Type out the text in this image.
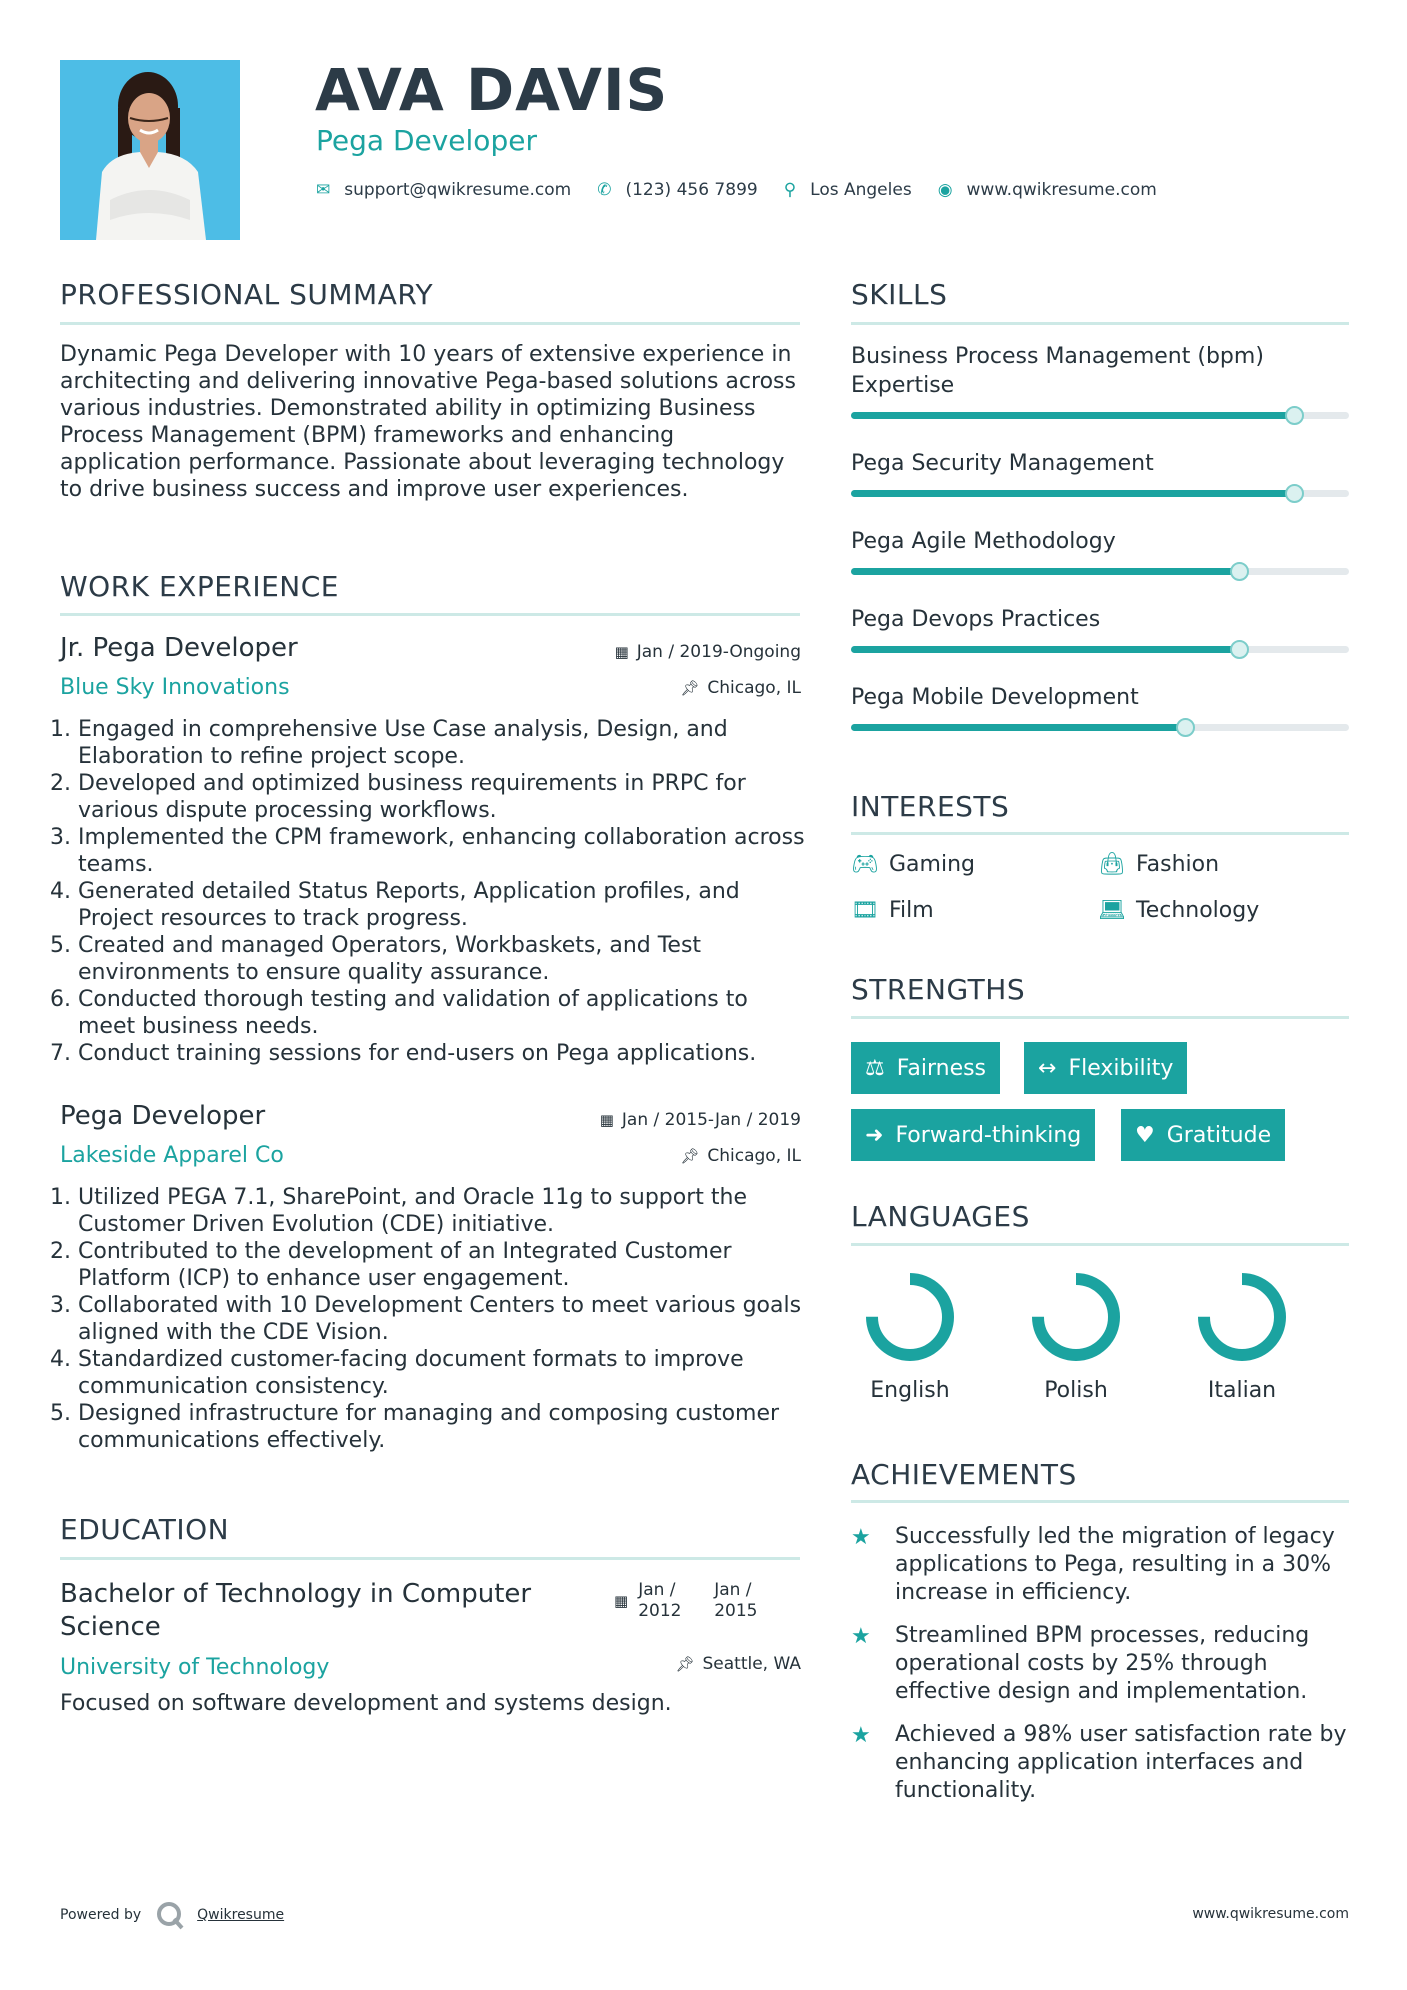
AVA DAVIS
Pega Developer
✉ support@qwikresume.com ✆ (123) 456 7899 ⚲ Los Angeles ◉ www.qwikresume.com
PROFESSIONAL SUMMARY
Dynamic Pega Developer with 10 years of extensive experience in architecting and delivering innovative Pega-based solutions across various industries. Demonstrated ability in optimizing Business Process Management (BPM) frameworks and enhancing application performance. Passionate about leveraging technology to drive business success and improve user experiences.
WORK EXPERIENCE
Jr. Pega Developer	▦ Jan / 2019-Ongoing
Blue Sky Innovations	📌︎ Chicago, IL
1. Engaged in comprehensive Use Case analysis, Design, and Elaboration to refine project scope.
2. Developed and optimized business requirements in PRPC for various dispute processing workflows.
3. Implemented the CPM framework, enhancing collaboration across teams.
4. Generated detailed Status Reports, Application profiles, and Project resources to track progress.
5. Created and managed Operators, Workbaskets, and Test environments to ensure quality assurance.
6. Conducted thorough testing and validation of applications to meet business needs.
7. Conduct training sessions for end-users on Pega applications.
Pega Developer	▦ Jan / 2015-Jan / 2019
Lakeside Apparel Co	📌︎ Chicago, IL
1. Utilized PEGA 7.1, SharePoint, and Oracle 11g to support the Customer Driven Evolution (CDE) initiative.
2. Contributed to the development of an Integrated Customer Platform (ICP) to enhance user engagement.
3. Collaborated with 10 Development Centers to meet various goals aligned with the CDE Vision.
4. Standardized customer-facing document formats to improve communication consistency.
5. Designed infrastructure for managing and composing customer communications effectively.
EDUCATION
Bachelor of Technology in Computer Science
▦
Jan / 2012
Jan / 2015
University of Technology	📌︎ Seattle, WA
Focused on software development and systems design.
SKILLS
Business Process Management (bpm) Expertise
Pega Security Management
Pega Agile Methodology
Pega Devops Practices
Pega Mobile Development
INTERESTS
🎮︎ Gaming	👜︎ Fashion
🎞︎ Film	💻︎ Technology
STRENGTHS
⚖ Fairness ↔ Flexibility
➜ Forward-thinking ♥ Gratitude
LANGUAGES
English	Polish	Italian
ACHIEVEMENTS
★	Successfully led the migration of legacy applications to Pega, resulting in a 30% increase in efficiency.
★	Streamlined BPM processes, reducing operational costs by 25% through effective design and implementation.
★	Achieved a 98% user satisfaction rate by enhancing application interfaces and functionality.
Powered by	Qwikresume	www.qwikresume.com
